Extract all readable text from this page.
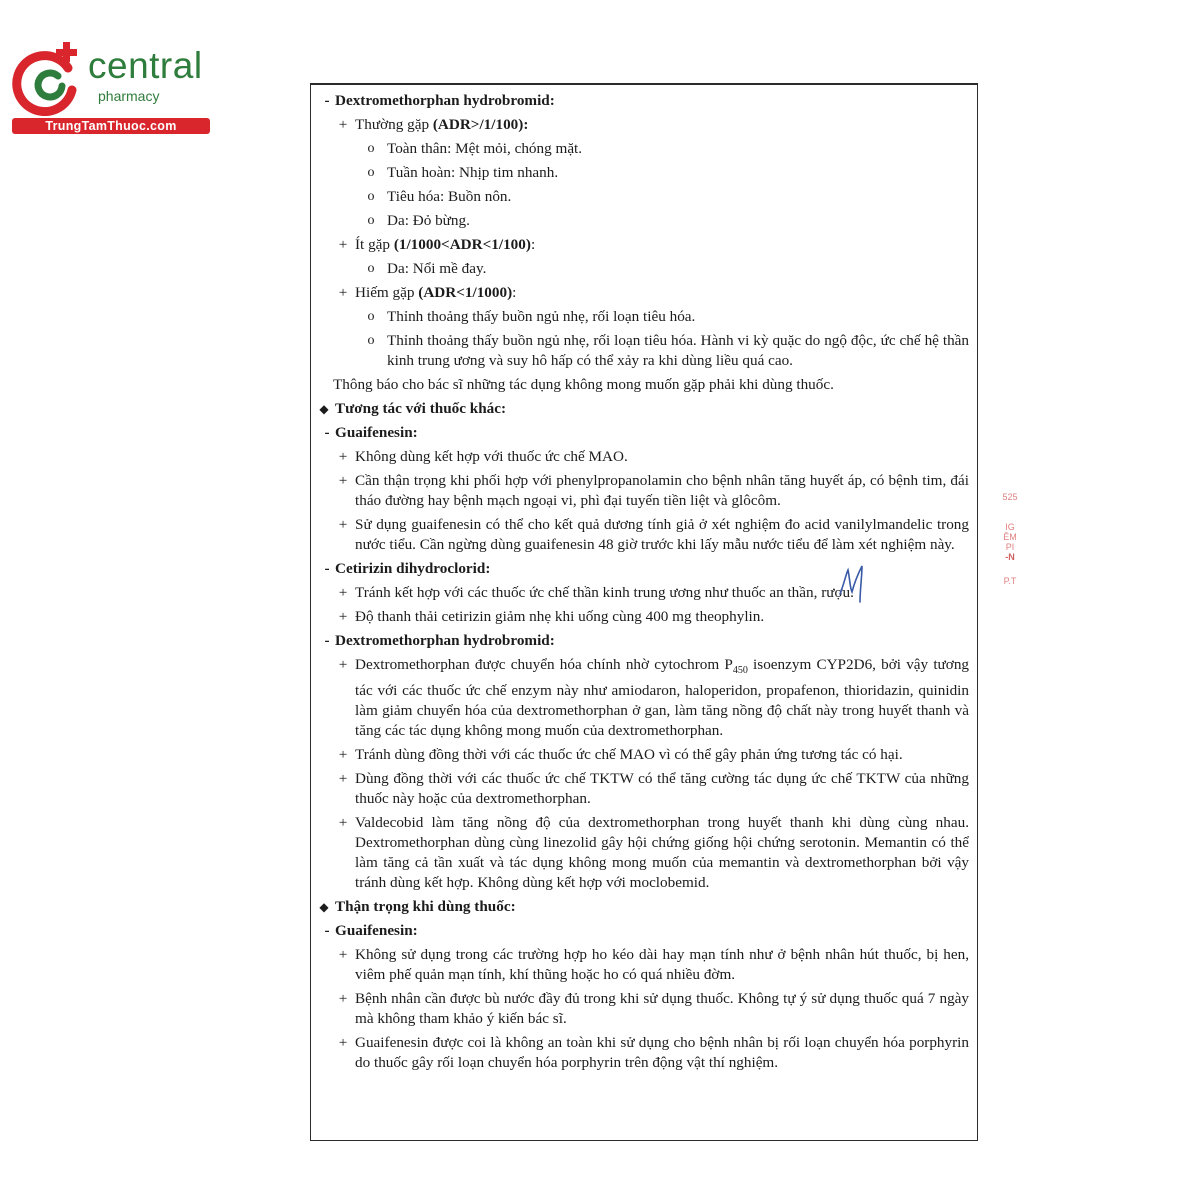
central
pharmacy
TrungTamThuoc.com
- Dextromethorphan hydrobromid:
+ Thường gặp (ADR>/1/100):
o Toàn thân: Mệt mỏi, chóng mặt.
o Tuần hoàn: Nhịp tim nhanh.
o Tiêu hóa: Buồn nôn.
o Da: Đỏ bừng.
+ Ít gặp (1/1000<ADR<1/100):
o Da: Nổi mề đay.
+ Hiếm gặp (ADR<1/1000):
o Thỉnh thoảng thấy buồn ngủ nhẹ, rối loạn tiêu hóa.
o Thỉnh thoảng thấy buồn ngủ nhẹ, rối loạn tiêu hóa. Hành vi kỳ quặc do ngộ độc, ức chế hệ thần kinh trung ương và suy hô hấp có thể xảy ra khi dùng liều quá cao.
Thông báo cho bác sĩ những tác dụng không mong muốn gặp phải khi dùng thuốc.
◆ Tương tác với thuốc khác:
- Guaifenesin:
+ Không dùng kết hợp với thuốc ức chế MAO.
+ Cần thận trọng khi phối hợp với phenylpropanolamin cho bệnh nhân tăng huyết áp, có bệnh tim, đái tháo đường hay bệnh mạch ngoại vi, phì đại tuyến tiền liệt và glôcôm.
+ Sử dụng guaifenesin có thể cho kết quả dương tính giả ở xét nghiệm đo acid vanilylmandelic trong nước tiểu. Cần ngừng dùng guaifenesin 48 giờ trước khi lấy mẫu nước tiểu để làm xét nghiệm này.
- Cetirizin dihydroclorid:
+ Tránh kết hợp với các thuốc ức chế thần kinh trung ương như thuốc an thần, rượu.
+ Độ thanh thải cetirizin giảm nhẹ khi uống cùng 400 mg theophylin.
- Dextromethorphan hydrobromid:
+ Dextromethorphan được chuyển hóa chính nhờ cytochrom $P_{450}$ isoenzym CYP2D6, bởi vậy tương tác với các thuốc ức chế enzym này như amiodaron, haloperidon, propafenon, thioridazin, quinidin làm giảm chuyển hóa của dextromethorphan ở gan, làm tăng nồng độ chất này trong huyết thanh và tăng các tác dụng không mong muốn của dextromethorphan.
+ Tránh dùng đồng thời với các thuốc ức chế MAO vì có thể gây phản ứng tương tác có hại.
+ Dùng đồng thời với các thuốc ức chế TKTW có thể tăng cường tác dụng ức chế TKTW của những thuốc này hoặc của dextromethorphan.
+ Valdecobid làm tăng nồng độ của dextromethorphan trong huyết thanh khi dùng cùng nhau. Dextromethorphan dùng cùng linezolid gây hội chứng giống hội chứng serotonin. Memantin có thể làm tăng cả tần xuất và tác dụng không mong muốn của memantin và dextromethorphan bởi vậy tránh dùng kết hợp. Không dùng kết hợp với moclobemid.
◆ Thận trọng khi dùng thuốc:
- Guaifenesin:
+ Không sử dụng trong các trường hợp ho kéo dài hay mạn tính như ở bệnh nhân hút thuốc, bị hen, viêm phế quản mạn tính, khí thũng hoặc ho có quá nhiều đờm.
+ Bệnh nhân cần được bù nước đầy đủ trong khi sử dụng thuốc. Không tự ý sử dụng thuốc quá 7 ngày mà không tham khảo ý kiến bác sĩ.
+ Guaifenesin được coi là không an toàn khi sử dụng cho bệnh nhân bị rối loạn chuyển hóa porphyrin do thuốc gây rối loạn chuyển hóa porphyrin trên động vật thí nghiệm.
525
IG
ÊM
PI
-N
P.T
